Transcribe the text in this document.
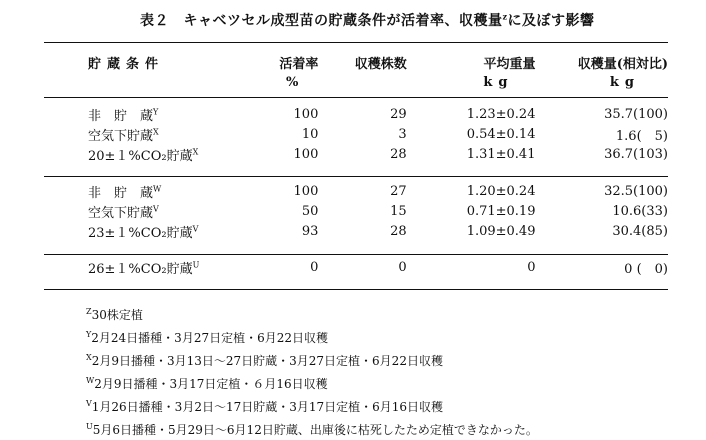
表２　キャベツセル成型苗の貯蔵条件が活着率、収穫量$^z$に及ぼす影響
貯蔵条件	活着率	収穫株数	平均重量	収穫量(相対比)
	%		kg	kg

非　貯　蔵$^Y$	100	29	1.23±0.24	35.7(100)
空気下貯蔵$^X$	10	3	0.54±0.14	1.6(　5)
20±１%CO₂貯蔵$^X$	100	28	1.31±0.41	36.7(103)

非　貯　蔵$^W$	100	27	1.20±0.24	32.5(100)
空気下貯蔵$^V$	50	15	0.71±0.19	10.6(33)
23±１%CO₂貯蔵$^V$	93	28	1.09±0.49	30.4(85)

26±１%CO₂貯蔵$^U$	0	0	0	0 (　0)
$^Z$30株定植
$^Y$2月24日播種・3月27日定植・6月22日収穫
$^X$2月9日播種・3月13日〜27日貯蔵・3月27日定植・6月22日収穫
$^W$2月9日播種・3月17日定植・６月16日収穫
$^V$1月26日播種・3月2日〜17日貯蔵・3月17日定植・6月16日収穫
$^U$5月6日播種・5月29日〜6月12日貯蔵、出庫後に枯死したため定植できなかった。
